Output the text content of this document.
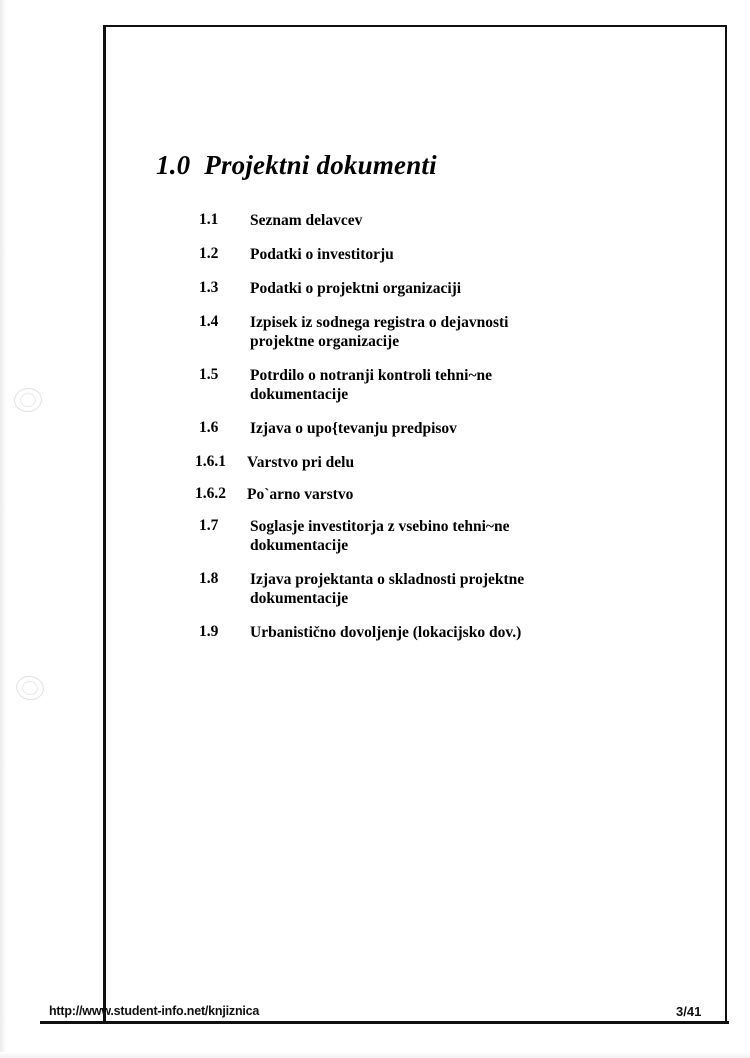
1.0  Projektni dokumenti
1.1 Seznam delavcev
1.2 Podatki o investitorju
1.3 Podatki o projektni organizaciji
1.4 Izpisek iz sodnega registra o dejavnosti
projektne organizacije
1.5 Potrdilo o notranji kontroli tehni~ne
dokumentacije
1.6 Izjava o upo{tevanju predpisov
1.6.1 Varstvo pri delu
1.6.2 Po`arno varstvo
1.7 Soglasje investitorja z vsebino tehni~ne
dokumentacije
1.8 Izjava projektanta o skladnosti projektne
dokumentacije
1.9 Urbanistično dovoljenje (lokacijsko dov.)
http://www.student-info.net/knjiznica	3/41
